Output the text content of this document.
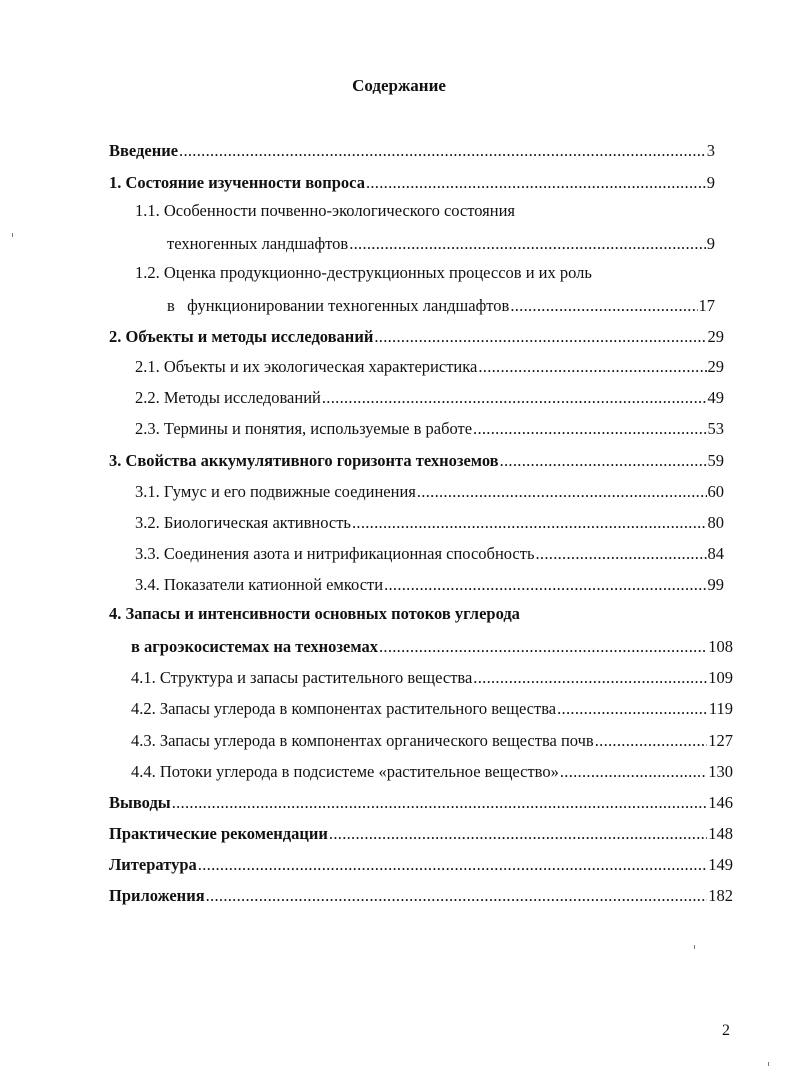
Содержание
Введение .....	3
1. Состояние изученности вопроса .....	9
1.1. Особенности почвенно-экологического состояния
техногенных ландшафтов .....	9
1.2. Оценка продукционно-деструкционных процессов и их роль
в   функционировании техногенных ландшафтов .....	17
2. Объекты и методы исследований .....	29
2.1. Объекты и их экологическая характеристика .....	29
2.2. Методы исследований .....	49
2.3. Термины и понятия, используемые в работе .....	53
3. Свойства аккумулятивного горизонта техноземов .....	59
3.1. Гумус и его подвижные соединения .....	60
3.2. Биологическая активность .....	80
3.3. Соединения азота и нитрификационная способность .....	84
3.4. Показатели катионной емкости .....	99
4. Запасы и интенсивности основных потоков углерода
в агроэкосистемах на техноземах .....	108
4.1. Структура и запасы растительного вещества .....	109
4.2. Запасы углерода в компонентах растительного вещества .....	119
4.3. Запасы углерода в компонентах органического вещества почв .....	127
4.4. Потоки углерода в подсистеме «растительное вещество» .....	130
Выводы .....	146
Практические рекомендации .....	148
Литература .....	149
Приложения .....	182
2
